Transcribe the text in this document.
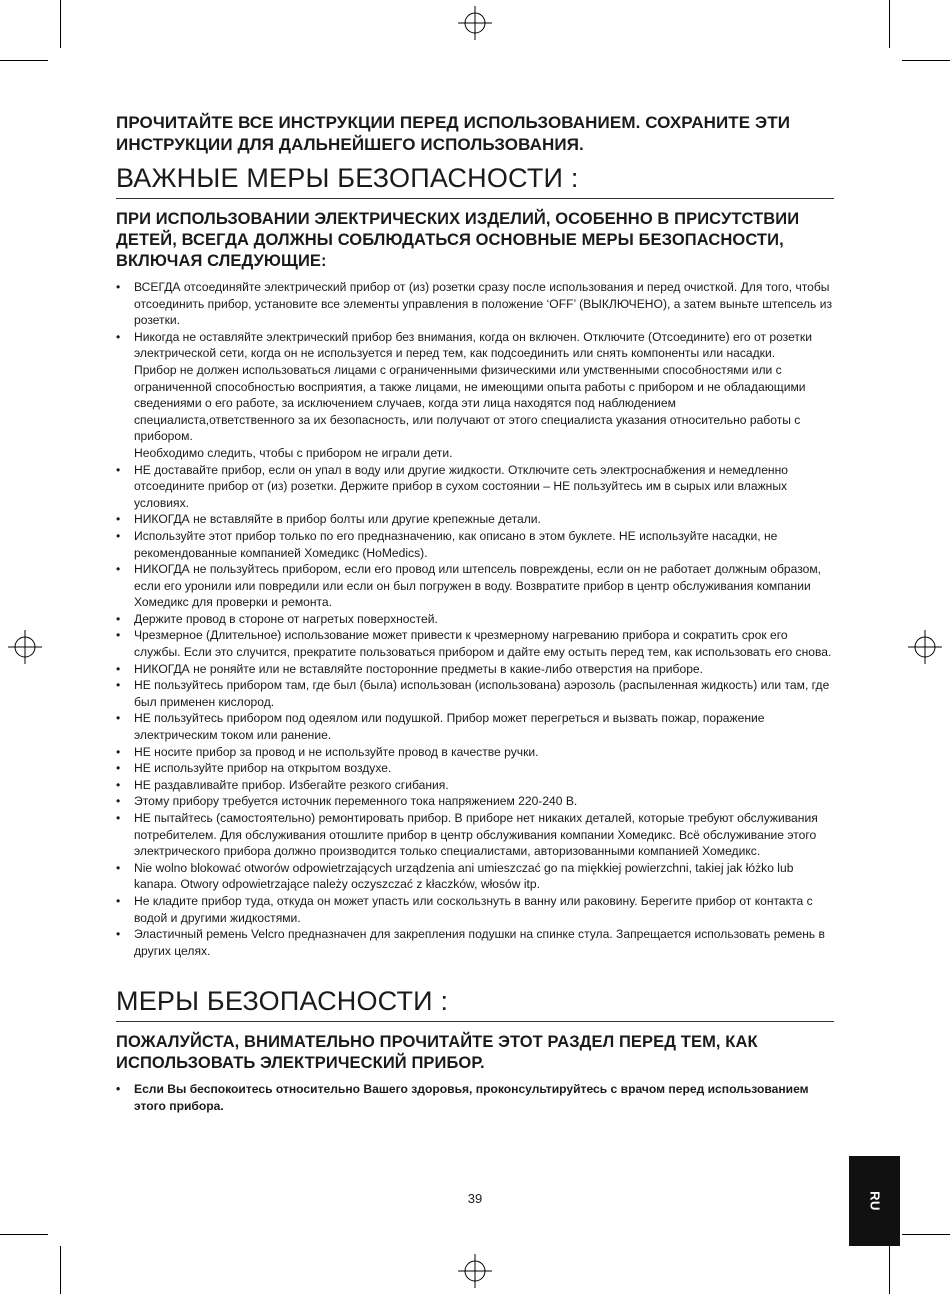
ПРОЧИТАЙТЕ ВСЕ ИНСТРУКЦИИ ПЕРЕД ИСПОЛЬЗОВАНИЕМ. СОХРАНИТЕ ЭТИ ИНСТРУКЦИИ ДЛЯ ДАЛЬНЕЙШЕГО ИСПОЛЬЗОВАНИЯ.

ВАЖНЫЕ МЕРЫ БЕЗОПАСНОСТИ :
ПРИ ИСПОЛЬЗОВАНИИ ЭЛЕКТРИЧЕСКИХ ИЗДЕЛИЙ, ОСОБЕННО В ПРИСУТСТВИИ ДЕТЕЙ, ВСЕГДА ДОЛЖНЫ СОБЛЮДАТЬСЯ ОСНОВНЫЕ МЕРЫ БЕЗОПАСНОСТИ, ВКЛЮЧАЯ СЛЕДУЮЩИЕ:
• ВСЕГДА отсоединяйте электрический прибор от (из) розетки сразу после использования и перед очисткой. Для того, чтобы отсоединить прибор, установите все элементы управления в положение ‘OFF’ (ВЫКЛЮЧЕНО), а затем выньте штепсель из розетки.
• Никогда не оставляйте электрический прибор без внимания, когда он включен. Отключите (Отсоедините) его от розетки электрической сети, когда он не используется и перед тем, как подсоединить или снять компоненты или насадки.
Прибор не должен использоваться лицами с ограниченными физическими или умственными способностями или с ограниченной способностью восприятия, а также лицами, не имеющими опыта работы с прибором и не обладающими сведениями о его работе, за исключением случаев, когда эти лица находятся под наблюдением специалиста,ответственного за их безопасность, или получают от этого специалиста указания относительно работы с прибором.
Необходимо следить, чтобы с прибором не играли дети.
• НЕ доставайте прибор, если он упал в воду или другие жидкости. Отключите сеть электроснабжения и немедленно отсоедините прибор от (из) розетки. Держите прибор в сухом состоянии – НЕ пользуйтесь им в сырых или влажных условиях.
• НИКОГДА не вставляйте в прибор болты или другие крепежные детали.
• Используйте этот прибор только по его предназначению, как описано в этом буклете. НЕ используйте насадки, не рекомендованные компанией Хомедикс (HoMedics).
• НИКОГДА не пользуйтесь прибором, если его провод или штепсель повреждены, если он не работает должным образом, если его уронили или повредили или если он был погружен в воду. Возвратите прибор в центр обслуживания компании Хомедикс для проверки и ремонта.
• Держите провод в стороне от нагретых поверхностей.
• Чрезмерное (Длительное) использование может привести к чрезмерному нагреванию прибора и сократить срок его службы. Если это случится, прекратите пользоваться прибором и дайте ему остыть перед тем, как использовать его снова.
• НИКОГДА не роняйте или не вставляйте посторонние предметы в какие-либо отверстия на приборе.
• НЕ пользуйтесь прибором там, где был (была) использован (использована) аэрозоль (распыленная жидкость) или там, где был применен кислород.
• НЕ пользуйтесь прибором под одеялом или подушкой. Прибор может перегреться и вызвать пожар, поражение электрическим током или ранение.
• НЕ носите прибор за провод и не используйте провод в качестве ручки.
• НЕ используйте прибор на открытом воздухе.
• НЕ раздавливайте прибор. Избегайте резкого сгибания.
• Этому прибору требуется источник переменного тока напряжением 220-240 В.
• НЕ пытайтесь (самостоятельно) ремонтировать прибор. В приборе нет никаких деталей, которые требуют обслуживания потребителем. Для обслуживания отошлите прибор в центр обслуживания компании Хомедикс. Всё обслуживание этого электрического прибора должно производится только специалистами, авторизованными компанией Хомедикс.
• Nie wolno blokować otworów odpowietrzających urządzenia ani umieszczać go na miękkiej powierzchni, takiej jak łóżko lub kanapa. Otwory odpowietrzające należy oczyszczać z kłaczków, włosów itp.
• Не кладите прибор туда, откуда он может упасть или соскользнуть в ванну или раковину. Берегите прибор от контакта с водой и другими жидкостями.
• Эластичный ремень Velcro предназначен для закрепления подушки на спинке стула. Запрещается использовать ремень в других целях.
МЕРЫ БЕЗОПАСНОСТИ :
ПОЖАЛУЙСТА, ВНИМАТЕЛЬНО ПРОЧИТАЙТЕ ЭТОТ РАЗДЕЛ ПЕРЕД ТЕМ, КАК ИСПОЛЬЗОВАТЬ ЭЛЕКТРИЧЕСКИЙ ПРИБОР.
• Если Вы беспокоитесь относительно Вашего здоровья, проконсультируйтесь с врачом перед использованием этого прибора.
39	RU
